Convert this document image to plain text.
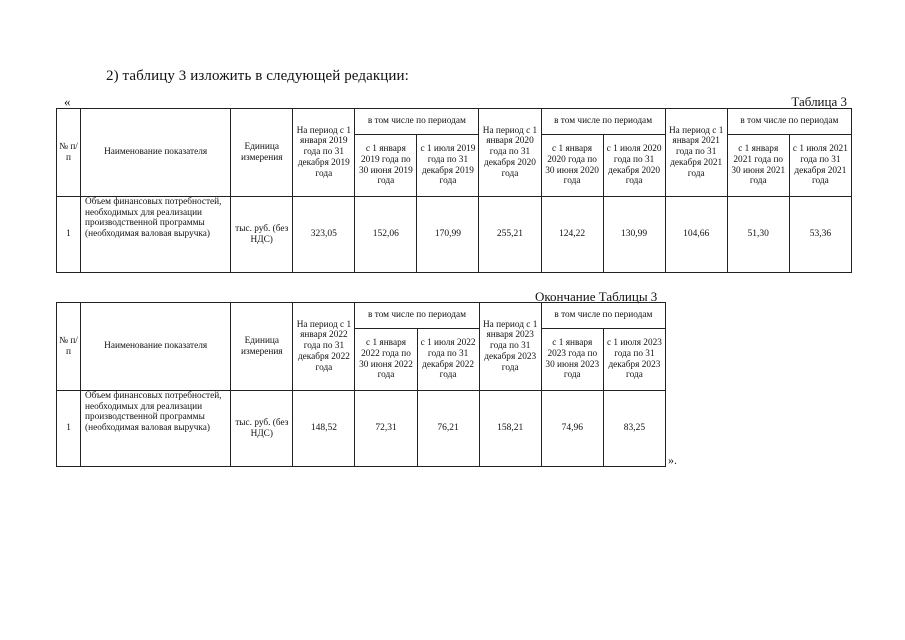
2) таблицу 3 изложить в следующей редакции:
«	Таблица 3
№ п/п	Наименование показателя	Единица измерения	На период с 1 января 2019 года по 31 декабря 2019 года	в том числе по периодам		На период с 1 января 2020 года по 31 декабря 2020 года	в том числе по периодам		На период с 1 января 2021 года по 31 декабря 2021 года	в том числе по периодам	
				с 1 января 2019 года по 30 июня 2019 года	с 1 июля 2019 года по 31 декабря 2019 года		с 1 января 2020 года по 30 июня 2020 года	с 1 июля 2020 года по 31 декабря 2020 года		с 1 января 2021 года по 30 июня 2021 года	с 1 июля 2021 года по 31 декабря 2021 года
1	Объем финансовых потребностей, необходимых для реализации производственной программы (необходимая валовая выручка)	тыс. руб. (без НДС)	323,05	152,06	170,99	255,21	124,22	130,99	104,66	51,30	53,36
Окончание Таблицы 3
№ п/п	Наименование показателя	Единица измерения	На период с 1 января 2022 года по 31 декабря 2022 года	в том числе по периодам		На период с 1 января 2023 года по 31 декабря 2023 года	в том числе по периодам	
				с 1 января 2022 года по 30 июня 2022 года	с 1 июля 2022 года по 31 декабря 2022 года		с 1 января 2023 года по 30 июня 2023 года	с 1 июля 2023 года по 31 декабря 2023 года
1	Объем финансовых потребностей, необходимых для реализации производственной программы (необходимая валовая выручка)	тыс. руб. (без НДС)	148,52	72,31	76,21	158,21	74,96	83,25
».
